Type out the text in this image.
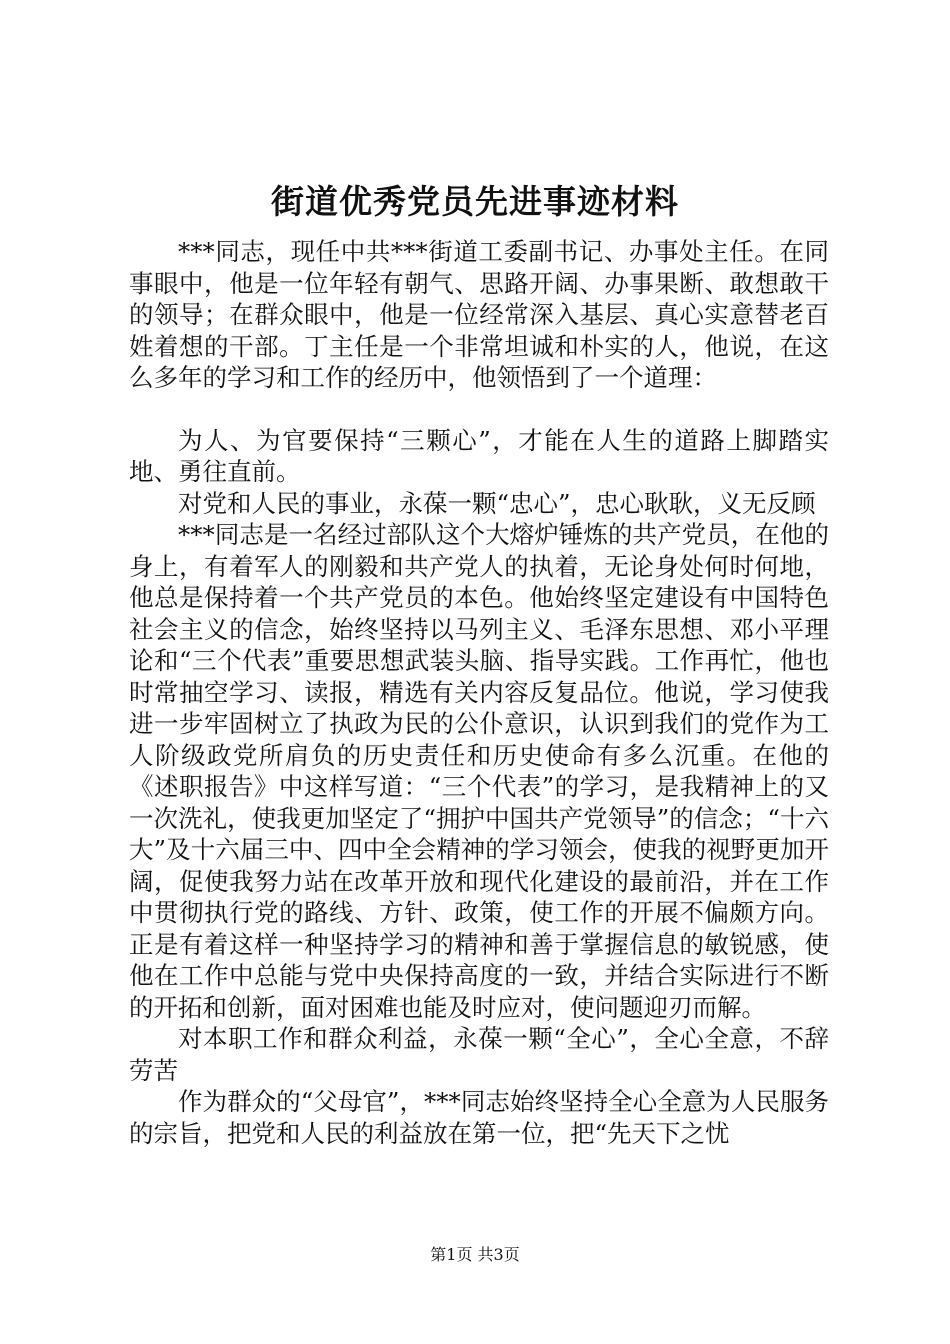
街道优秀党员先进事迹材料

***同志，现任中共***街道工委副书记、办事处主任。在同事眼中，他是一位年轻有朝气、思路开阔、办事果断、敢想敢干的领导；在群众眼中，他是一位经常深入基层、真心实意替老百姓着想的干部。丁主任是一个非常坦诚和朴实的人，他说，在这么多年的学习和工作的经历中，他领悟到了一个道理：

为人、为官要保持“三颗心”，才能在人生的道路上脚踏实地、勇往直前。

对党和人民的事业，永葆一颗“忠心”，忠心耿耿，义无反顾

***同志是一名经过部队这个大熔炉锤炼的共产党员，在他的身上，有着军人的刚毅和共产党人的执着，无论身处何时何地，他总是保持着一个共产党员的本色。他始终坚定建设有中国特色社会主义的信念，始终坚持以马列主义、毛泽东思想、邓小平理论和“三个代表”重要思想武装头脑、指导实践。工作再忙，他也时常抽空学习、读报，精选有关内容反复品位。他说，学习使我进一步牢固树立了执政为民的公仆意识，认识到我们的党作为工人阶级政党所肩负的历史责任和历史使命有多么沉重。在他的《述职报告》中这样写道：“三个代表”的学习，是我精神上的又一次洗礼，使我更加坚定了“拥护中国共产党领导”的信念；“十六大”及十六届三中、四中全会精神的学习领会，使我的视野更加开阔，促使我努力站在改革开放和现代化建设的最前沿，并在工作中贯彻执行党的路线、方针、政策，使工作的开展不偏颇方向。正是有着这样一种坚持学习的精神和善于掌握信息的敏锐感，使他在工作中总能与党中央保持高度的一致，并结合实际进行不断的开拓和创新，面对困难也能及时应对，使问题迎刃而解。

对本职工作和群众利益，永葆一颗“全心”，全心全意，不辞劳苦

作为群众的“父母官”，***同志始终坚持全心全意为人民服务的宗旨，把党和人民的利益放在第一位，把“先天下之忧

第1页 共3页
